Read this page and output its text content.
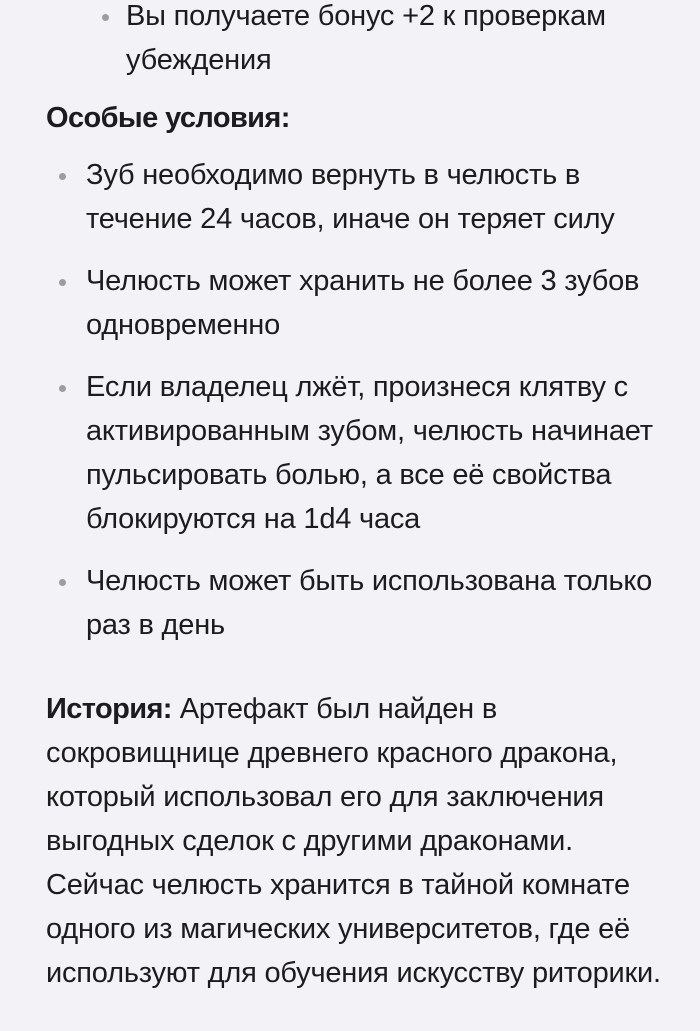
Вы получаете бонус +2 к проверкам убеждения
Особые условия:
Зуб необходимо вернуть в челюсть в течение 24 часов, иначе он теряет силу
Челюсть может хранить не более 3 зубов одновременно
Если владелец лжёт, произнеся клятву с активированным зубом, челюсть начинает пульсировать болью, а все её свойства блокируются на 1d4 часа
Челюсть может быть использована только раз в день

История: Артефакт был найден в сокровищнице древнего красного дракона, который использовал его для заключения выгодных сделок с другими драконами. Сейчас челюсть хранится в тайной комнате одного из магических университетов, где её используют для обучения искусству риторики.
